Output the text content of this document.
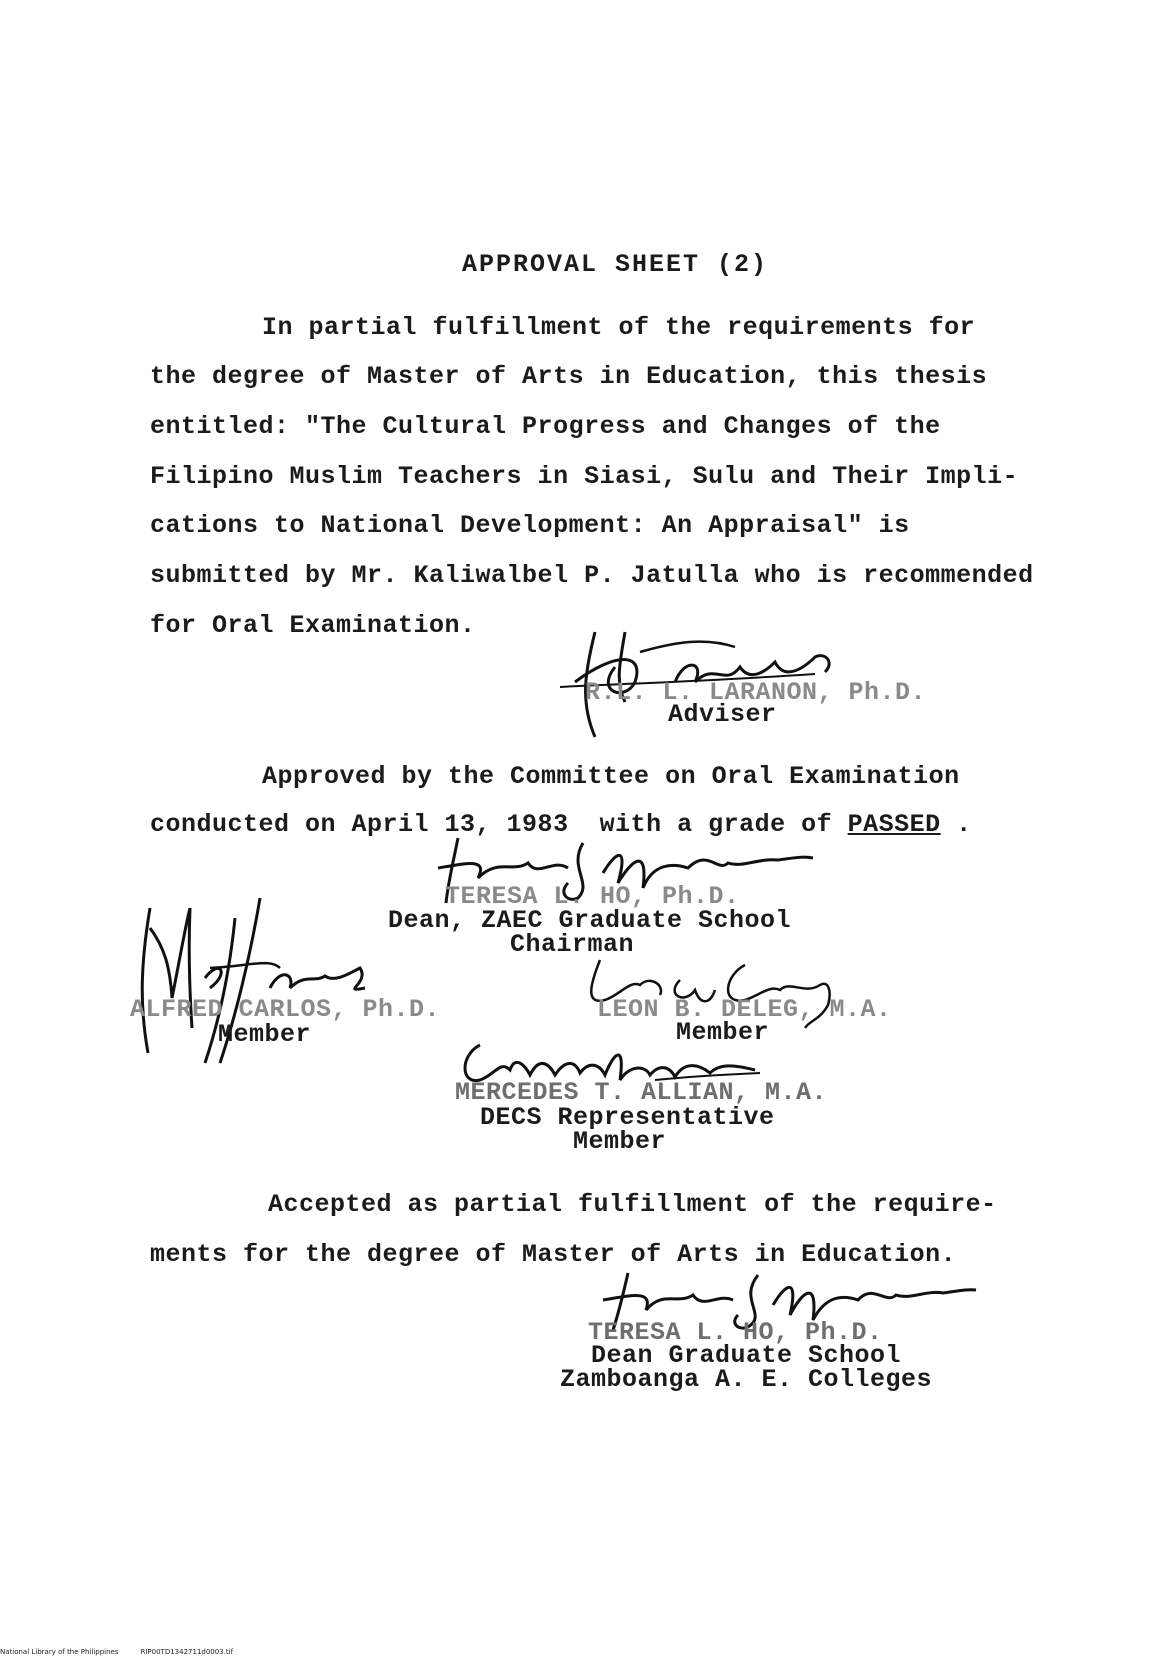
APPROVAL SHEET (2)
In partial fulfillment of the requirements for
the degree of Master of Arts in Education, this thesis
entitled: "The Cultural Progress and Changes of the
Filipino Muslim Teachers in Siasi, Sulu and Their Impli-
cations to National Development: An Appraisal" is
submitted by Mr. Kaliwalbel P. Jatulla who is recommended
for Oral Examination.
R.L. L. LARANON, Ph.D.
Adviser
Approved by the Committee on Oral Examination
conducted on April 13, 1983  with a grade of PASSED .
TERESA L. HO, Ph.D.
Dean, ZAEC Graduate School
Chairman
ALFRED CARLOS, Ph.D.
Member
LEON B. DELEG, M.A.
Member
MERCEDES T. ALLIAN, M.A.
DECS Representative
Member
Accepted as partial fulfillment of the require-
ments for the degree of Master of Arts in Education.
TERESA L. HO, Ph.D.
Dean Graduate School
Zamboanga A. E. Colleges
National Library of the Philippines	RIP00TD1342711d0003.tif
